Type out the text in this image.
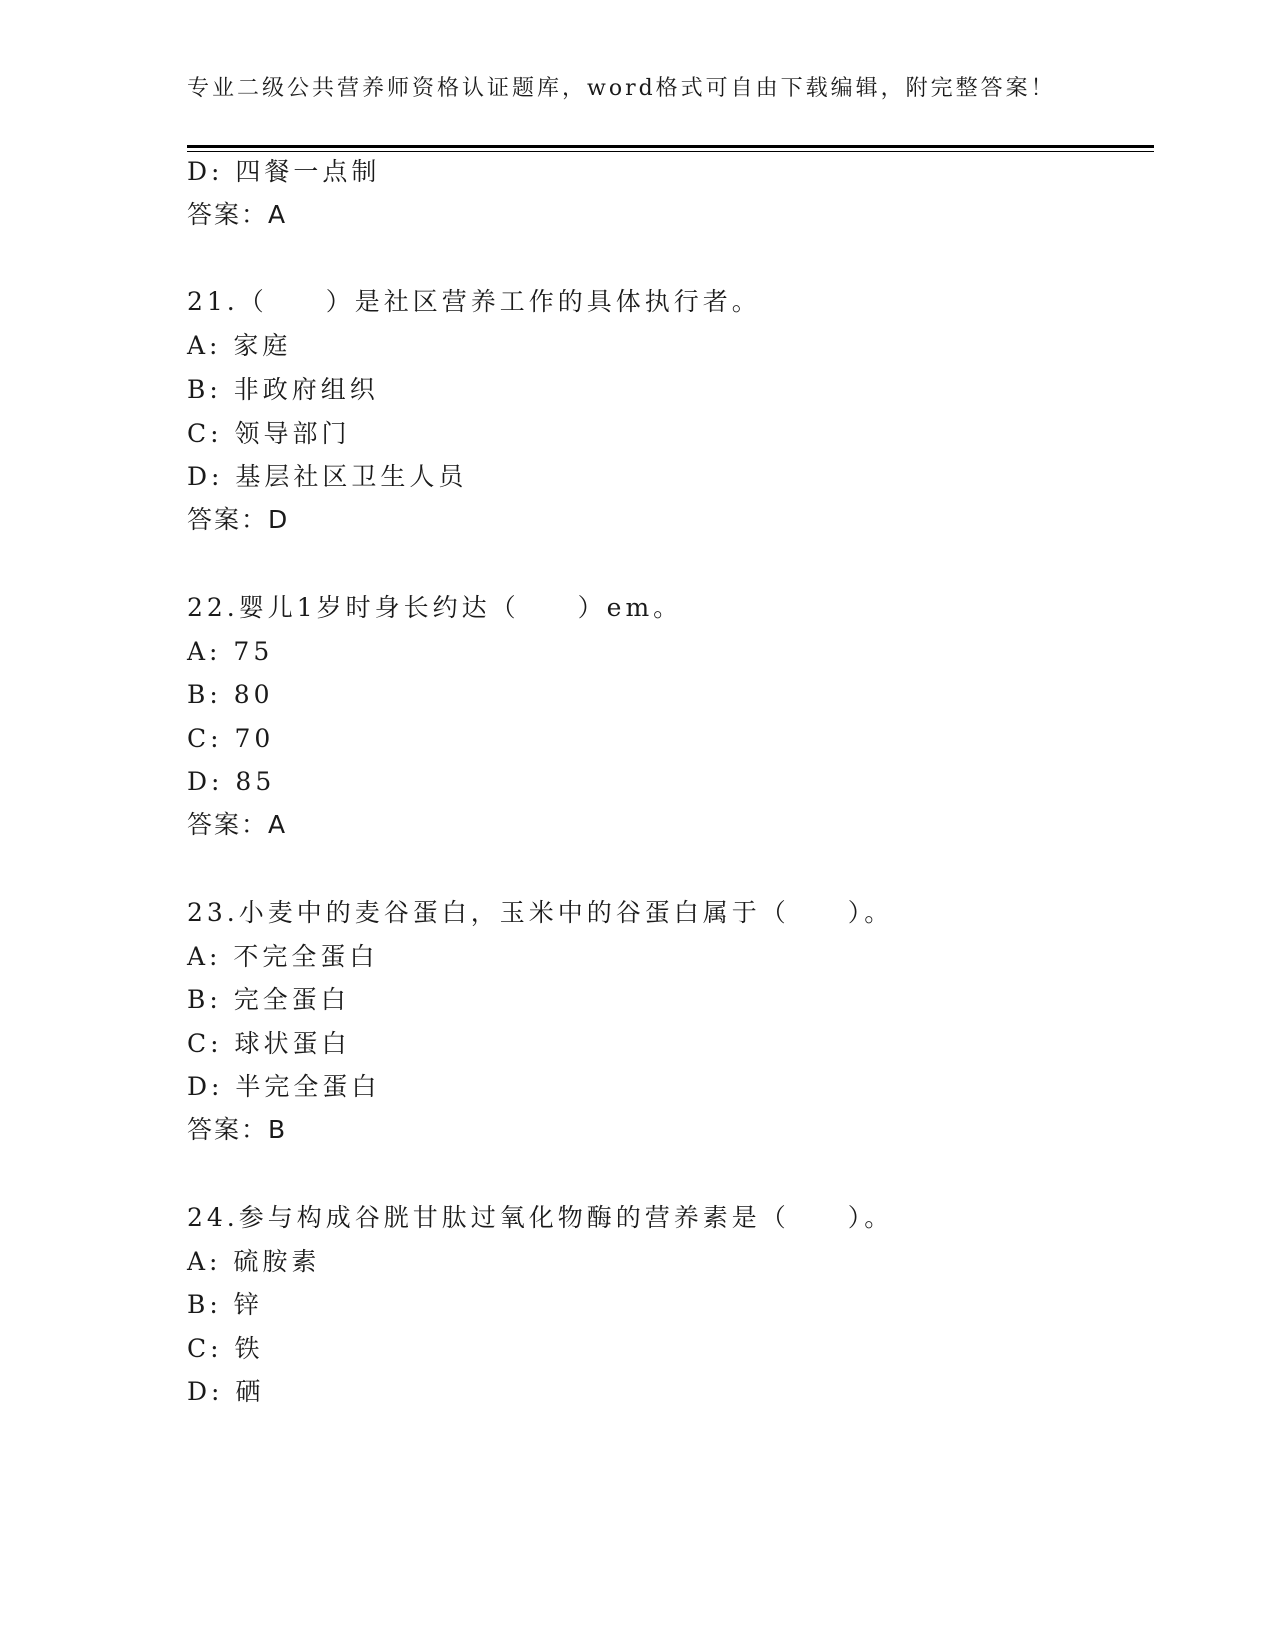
专业二级公共营养师资格认证题库，word格式可自由下载编辑，附完整答案！
D: 四餐一点制
答案：A
21.（　　）是社区营养工作的具体执行者。
A: 家庭
B: 非政府组织
C: 领导部门
D: 基层社区卫生人员
答案：D
22.婴儿1岁时身长约达（　　）em。
A: 75
B: 80
C: 70
D: 85
答案：A
23.小麦中的麦谷蛋白，玉米中的谷蛋白属于（　　）。
A: 不完全蛋白
B: 完全蛋白
C: 球状蛋白
D: 半完全蛋白
答案：B
24.参与构成谷胱甘肽过氧化物酶的营养素是（　　）。
A: 硫胺素
B: 锌
C: 铁
D: 硒
